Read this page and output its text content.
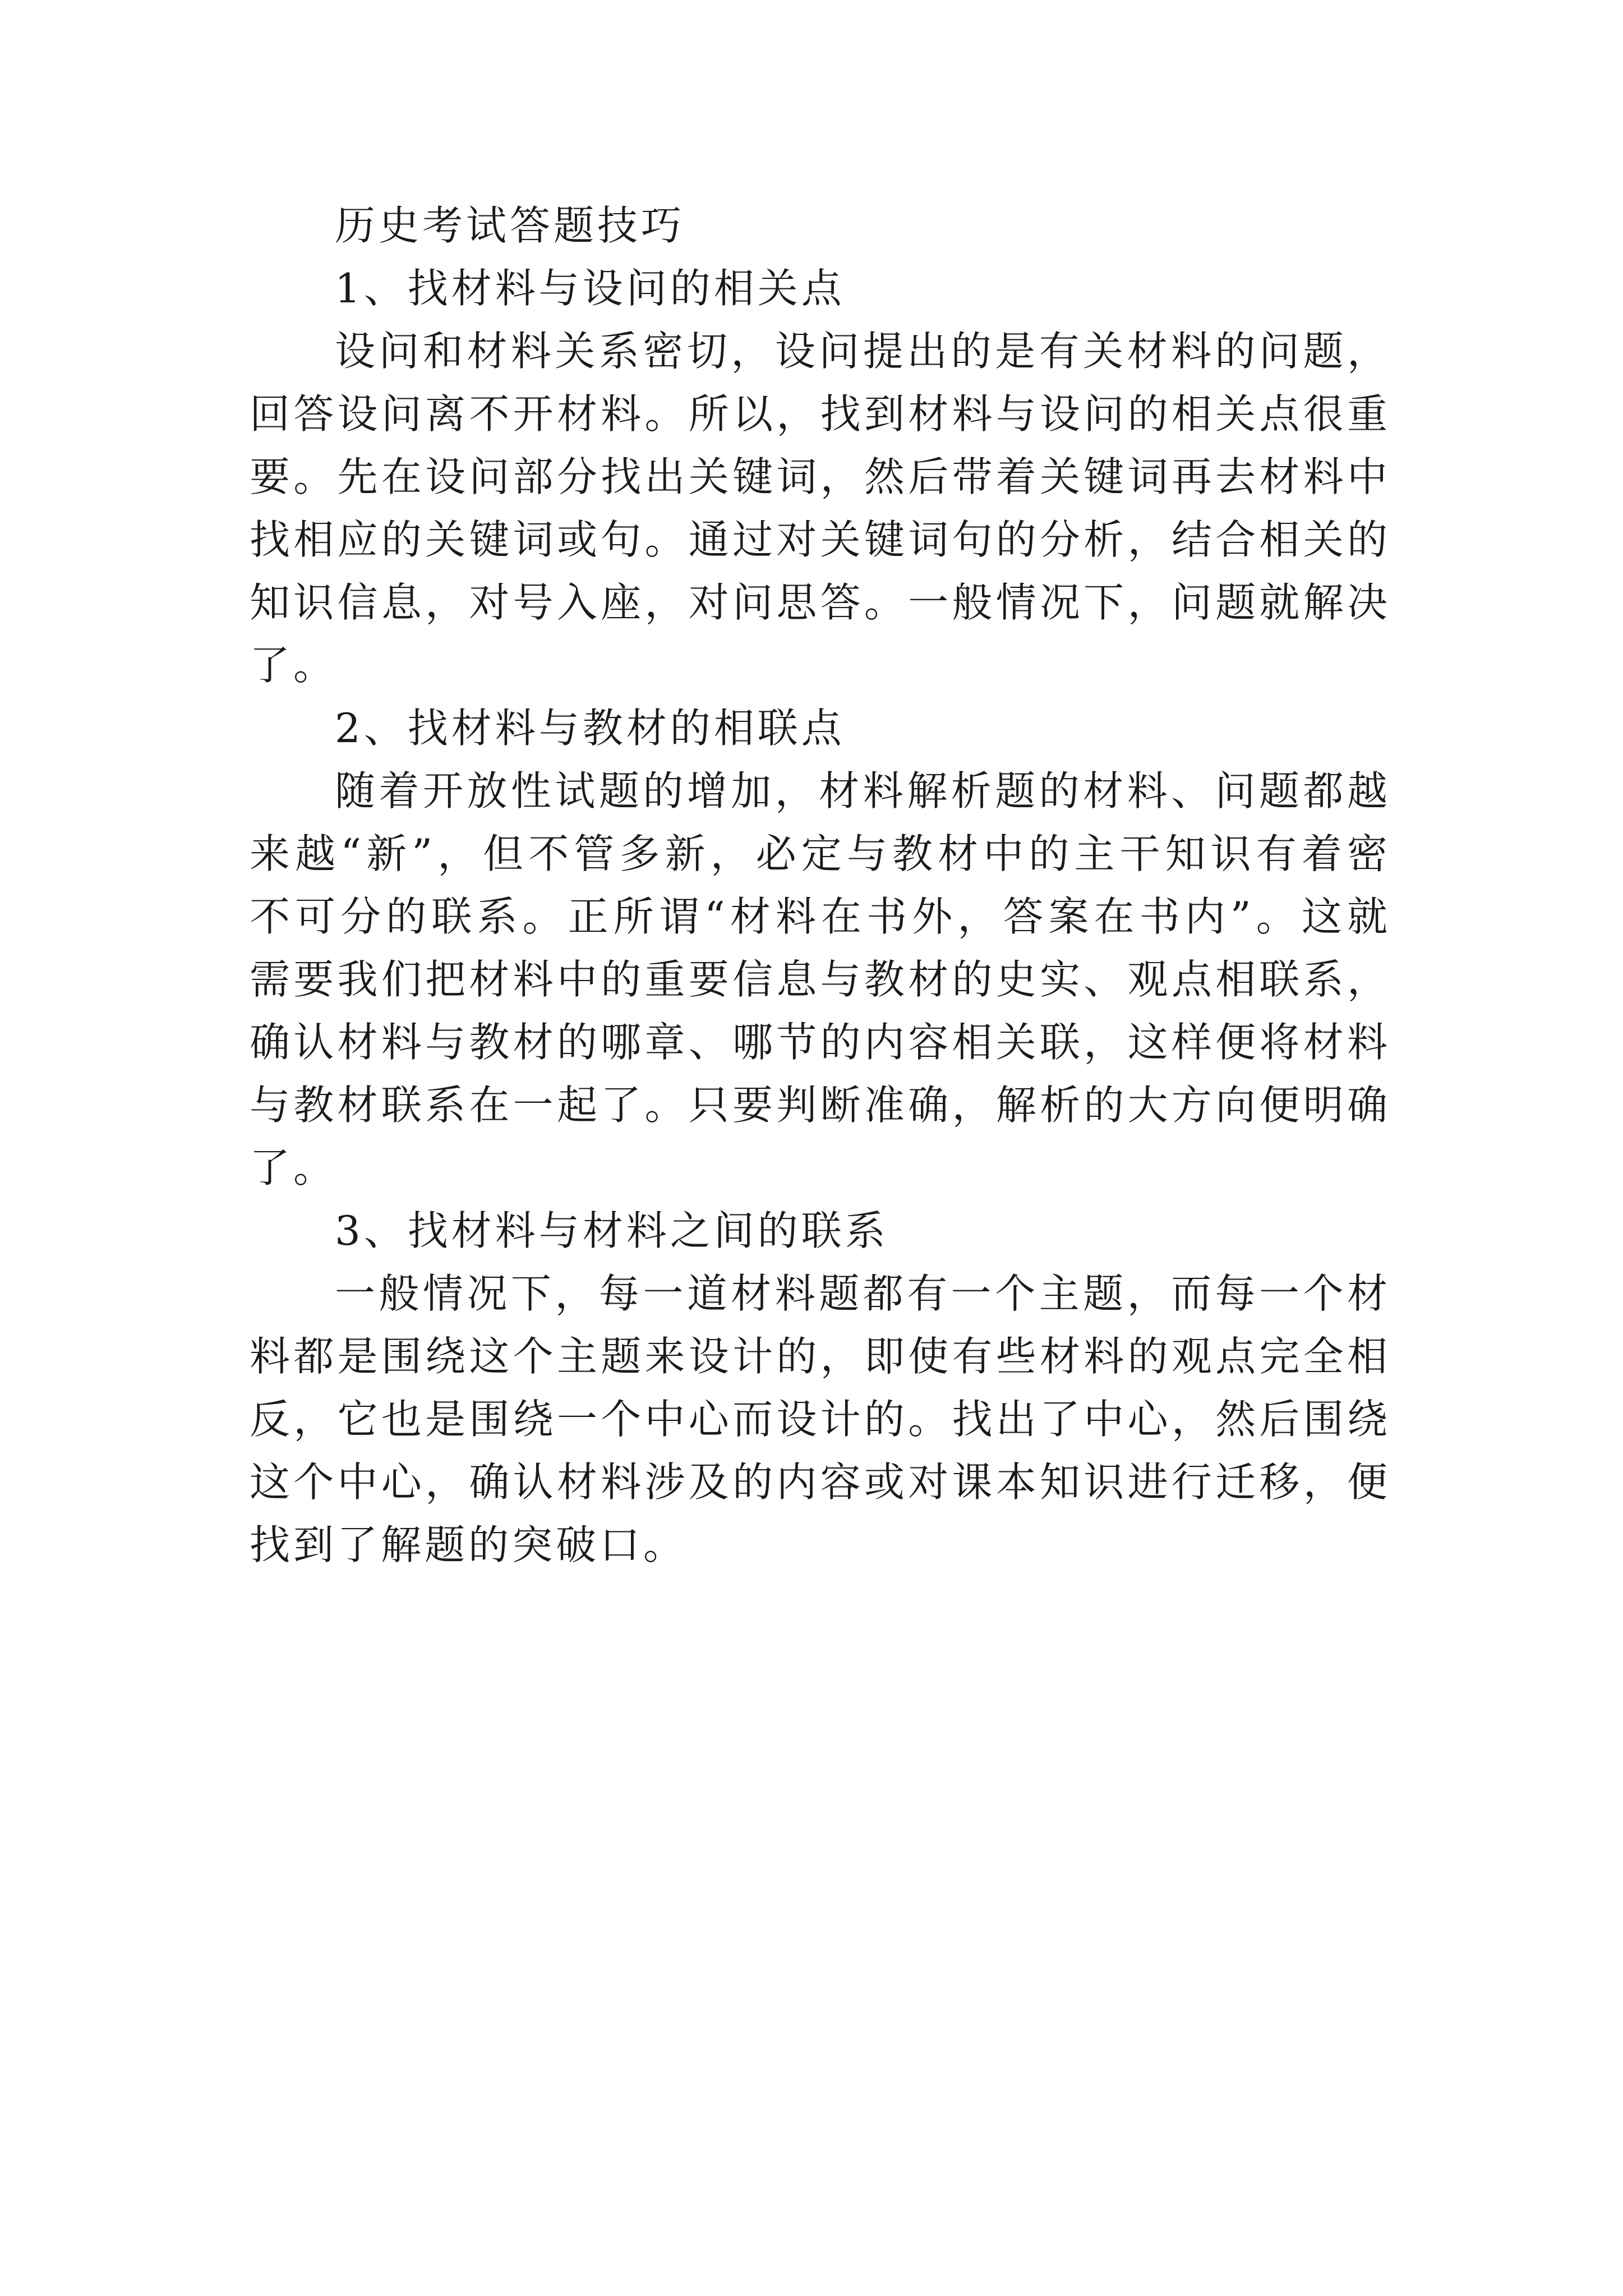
历史考试答题技巧
1、找材料与设问的相关点
设问和材料关系密切，设问提出的是有关材料的问题，
回答设问离不开材料。所以，找到材料与设问的相关点很重
要。先在设问部分找出关键词，然后带着关键词再去材料中
找相应的关键词或句。通过对关键词句的分析，结合相关的
知识信息，对号入座，对问思答。一般情况下，问题就解决
了。
2、找材料与教材的相联点
随着开放性试题的增加，材料解析题的材料、问题都越
来越“新”，但不管多新，必定与教材中的主干知识有着密
不可分的联系。正所谓“材料在书外，答案在书内”。这就
需要我们把材料中的重要信息与教材的史实、观点相联系，
确认材料与教材的哪章、哪节的内容相关联，这样便将材料
与教材联系在一起了。只要判断准确，解析的大方向便明确
了。
3、找材料与材料之间的联系
一般情况下，每一道材料题都有一个主题，而每一个材
料都是围绕这个主题来设计的，即使有些材料的观点完全相
反，它也是围绕一个中心而设计的。找出了中心，然后围绕
这个中心，确认材料涉及的内容或对课本知识进行迁移，便
找到了解题的突破口。
